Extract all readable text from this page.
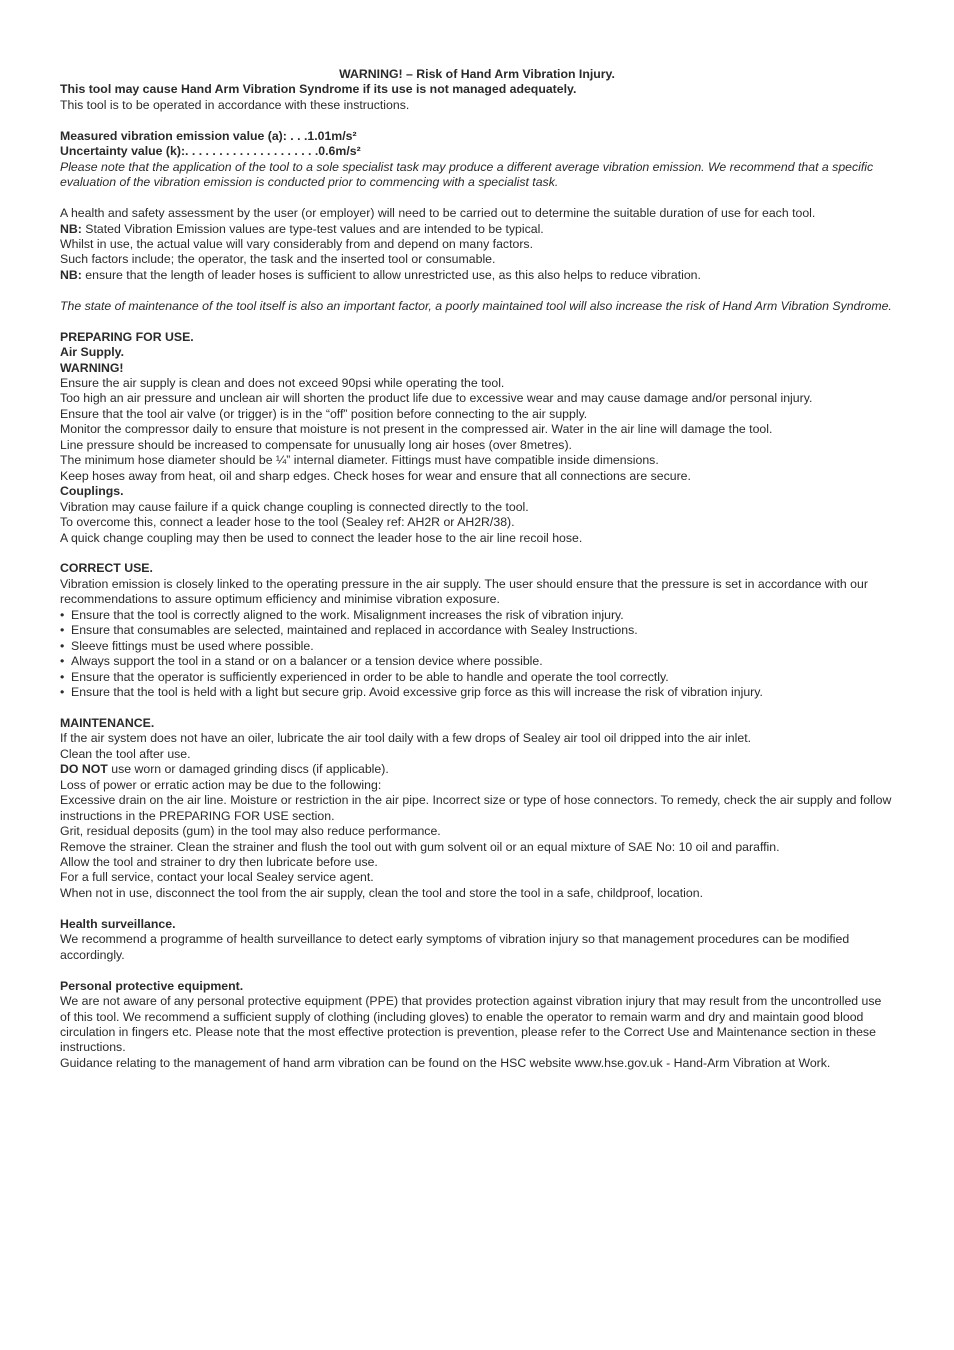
WARNING! – Risk of Hand Arm Vibration Injury.

This tool may cause Hand Arm Vibration Syndrome if its use is not managed adequately.

This tool is to be operated in accordance with these instructions.

Measured vibration emission value (a): . . .1.01m/s²

Uncertainty value (k):. . . . . . . . . . . . . . . . . . . .0.6m/s²

Please note that the application of the tool to a sole specialist task may produce a different average vibration emission. We recommend that a specific evaluation of the vibration emission is conducted prior to commencing with a specialist task.

A health and safety assessment by the user (or employer) will need to be carried out to determine the suitable duration of use for each tool.

NB: Stated Vibration Emission values are type-test values and are intended to be typical.

Whilst in use, the actual value will vary considerably from and depend on many factors.

Such factors include; the operator, the task and the inserted tool or consumable.

NB: ensure that the length of leader hoses is sufficient to allow unrestricted use, as this also helps to reduce vibration.

The state of maintenance of the tool itself is also an important factor, a poorly maintained tool will also increase the risk of Hand Arm Vibration Syndrome.

PREPARING FOR USE.

Air Supply.

WARNING!

Ensure the air supply is clean and does not exceed 90psi while operating the tool.

Too high an air pressure and unclean air will shorten the product life due to excessive wear and may cause damage and/or personal injury.

Ensure that the tool air valve (or trigger) is in the “off” position before connecting to the air supply.

Monitor the compressor daily to ensure that moisture is not present in the compressed air. Water in the air line will damage the tool.

Line pressure should be increased to compensate for unusually long air hoses (over 8metres).

The minimum hose diameter should be ¼” internal diameter. Fittings must have compatible inside dimensions.

Keep hoses away from heat, oil and sharp edges. Check hoses for wear and ensure that all connections are secure.

Couplings.

Vibration may cause failure if a quick change coupling is connected directly to the tool.

To overcome this, connect a leader hose to the tool (Sealey ref: AH2R or AH2R/38).

A quick change coupling may then be used to connect the leader hose to the air line recoil hose.

CORRECT USE.

Vibration emission is closely linked to the operating pressure in the air supply. The user should ensure that the pressure is set in accordance with our recommendations to assure optimum efficiency and minimise vibration exposure.

• Ensure that the tool is correctly aligned to the work. Misalignment increases the risk of vibration injury.
• Ensure that consumables are selected, maintained and replaced in accordance with Sealey Instructions.
• Sleeve fittings must be used where possible.
• Always support the tool in a stand or on a balancer or a tension device where possible.
• Ensure that the operator is sufficiently experienced in order to be able to handle and operate the tool correctly.
• Ensure that the tool is held with a light but secure grip. Avoid excessive grip force as this will increase the risk of vibration injury.

MAINTENANCE.

If the air system does not have an oiler, lubricate the air tool daily with a few drops of Sealey air tool oil dripped into the air inlet.

Clean the tool after use.

DO NOT use worn or damaged grinding discs (if applicable).

Loss of power or erratic action may be due to the following:

Excessive drain on the air line. Moisture or restriction in the air pipe. Incorrect size or type of hose connectors. To remedy, check the air supply and follow instructions in the PREPARING FOR USE section.

Grit, residual deposits (gum) in the tool may also reduce performance.

Remove the strainer. Clean the strainer and flush the tool out with gum solvent oil or an equal mixture of SAE No: 10 oil and paraffin.

Allow the tool and strainer to dry then lubricate before use.

For a full service, contact your local Sealey service agent.

When not in use, disconnect the tool from the air supply, clean the tool and store the tool in a safe, childproof, location.

Health surveillance.

We recommend a programme of health surveillance to detect early symptoms of vibration injury so that management procedures can be modified accordingly.

Personal protective equipment.

We are not aware of any personal protective equipment (PPE) that provides protection against vibration injury that may result from the uncontrolled use of this tool. We recommend a sufficient supply of clothing (including gloves) to enable the operator to remain warm and dry and maintain good blood circulation in fingers etc. Please note that the most effective protection is prevention, please refer to the Correct Use and Maintenance section in these instructions.

Guidance relating to the management of hand arm vibration can be found on the HSC website www.hse.gov.uk - Hand-Arm Vibration at Work.
